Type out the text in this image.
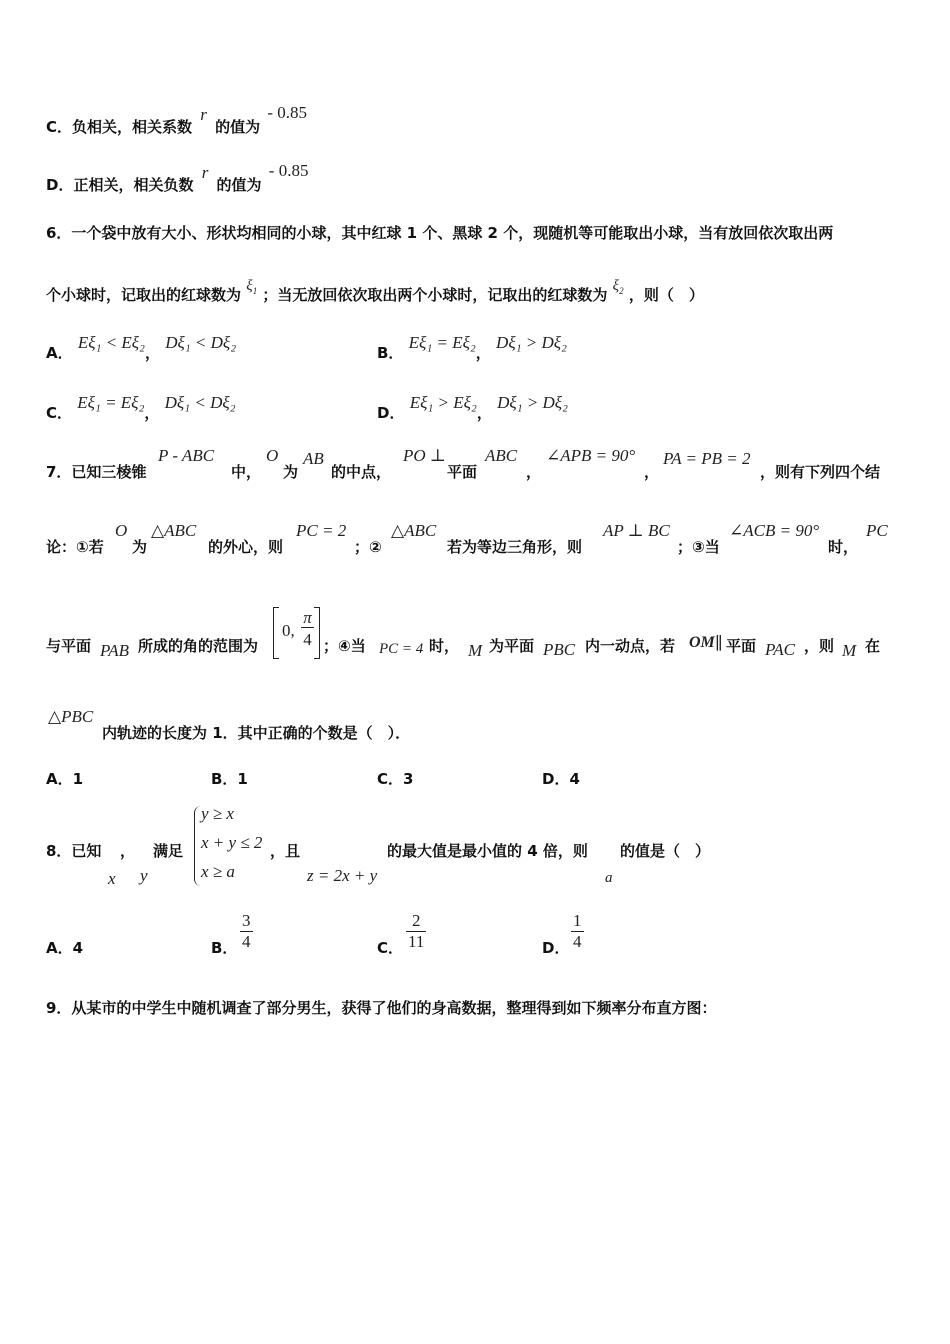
C．负相关，相关系数 r 的值为 - 0.85
D．正相关，相关负数 r 的值为 - 0.85
6．一个袋中放有大小、形状均相同的小球，其中红球 1 个、黑球 2 个，现随机等可能取出小球，当有放回依次取出两
个小球时，记取出的红球数为 $\xi_1$ ；当无放回依次取出两个小球时，记取出的红球数为 $\xi_2$ ，则（　）
A． Eξ₁ < Eξ₂， Dξ₁ < Dξ₂
B． Eξ₁ = Eξ₂， Dξ₁ > Dξ₂
C． Eξ₁ = Eξ₂， Dξ₁ < Dξ₂
D． Eξ₁ > Eξ₂， Dξ₁ > Dξ₂
7．已知三棱锥
P - ABC
中，
O
为
AB
的中点，
PO ⊥
平面
ABC
，
∠APB = 90°
，
PA = PB = 2
，则有下列四个结
论：①若
O
为
△ABC
的外心，则
PC = 2
；②
△ABC
若为等边三角形，则
AP ⊥ BC
；③当
∠ACB = 90°
时，
PC
与平面 PAB 所成的角的范围为
0,
π
4 ；④当 PC = 4 时， M 为平面 PBC 内一动点，若 OM ∥ 平面 PAC ，则 M 在
△PBC
内轨迹的长度为 1．其中正确的个数是（　）．
A．1	B．1	C．3	D．4
8．已知 ， 满足
x y
y ≥ x
x + y ≤ 2
x ≥ a
，且
z = 2x + y
的最大值是最小值的 4 倍，则
a
的值是（　）
A．4	B． $\frac{3}{4}$	C． $\frac{2}{11}$	D． $\frac{1}{4}$
9．从某市的中学生中随机调查了部分男生，获得了他们的身高数据，整理得到如下频率分布直方图：
